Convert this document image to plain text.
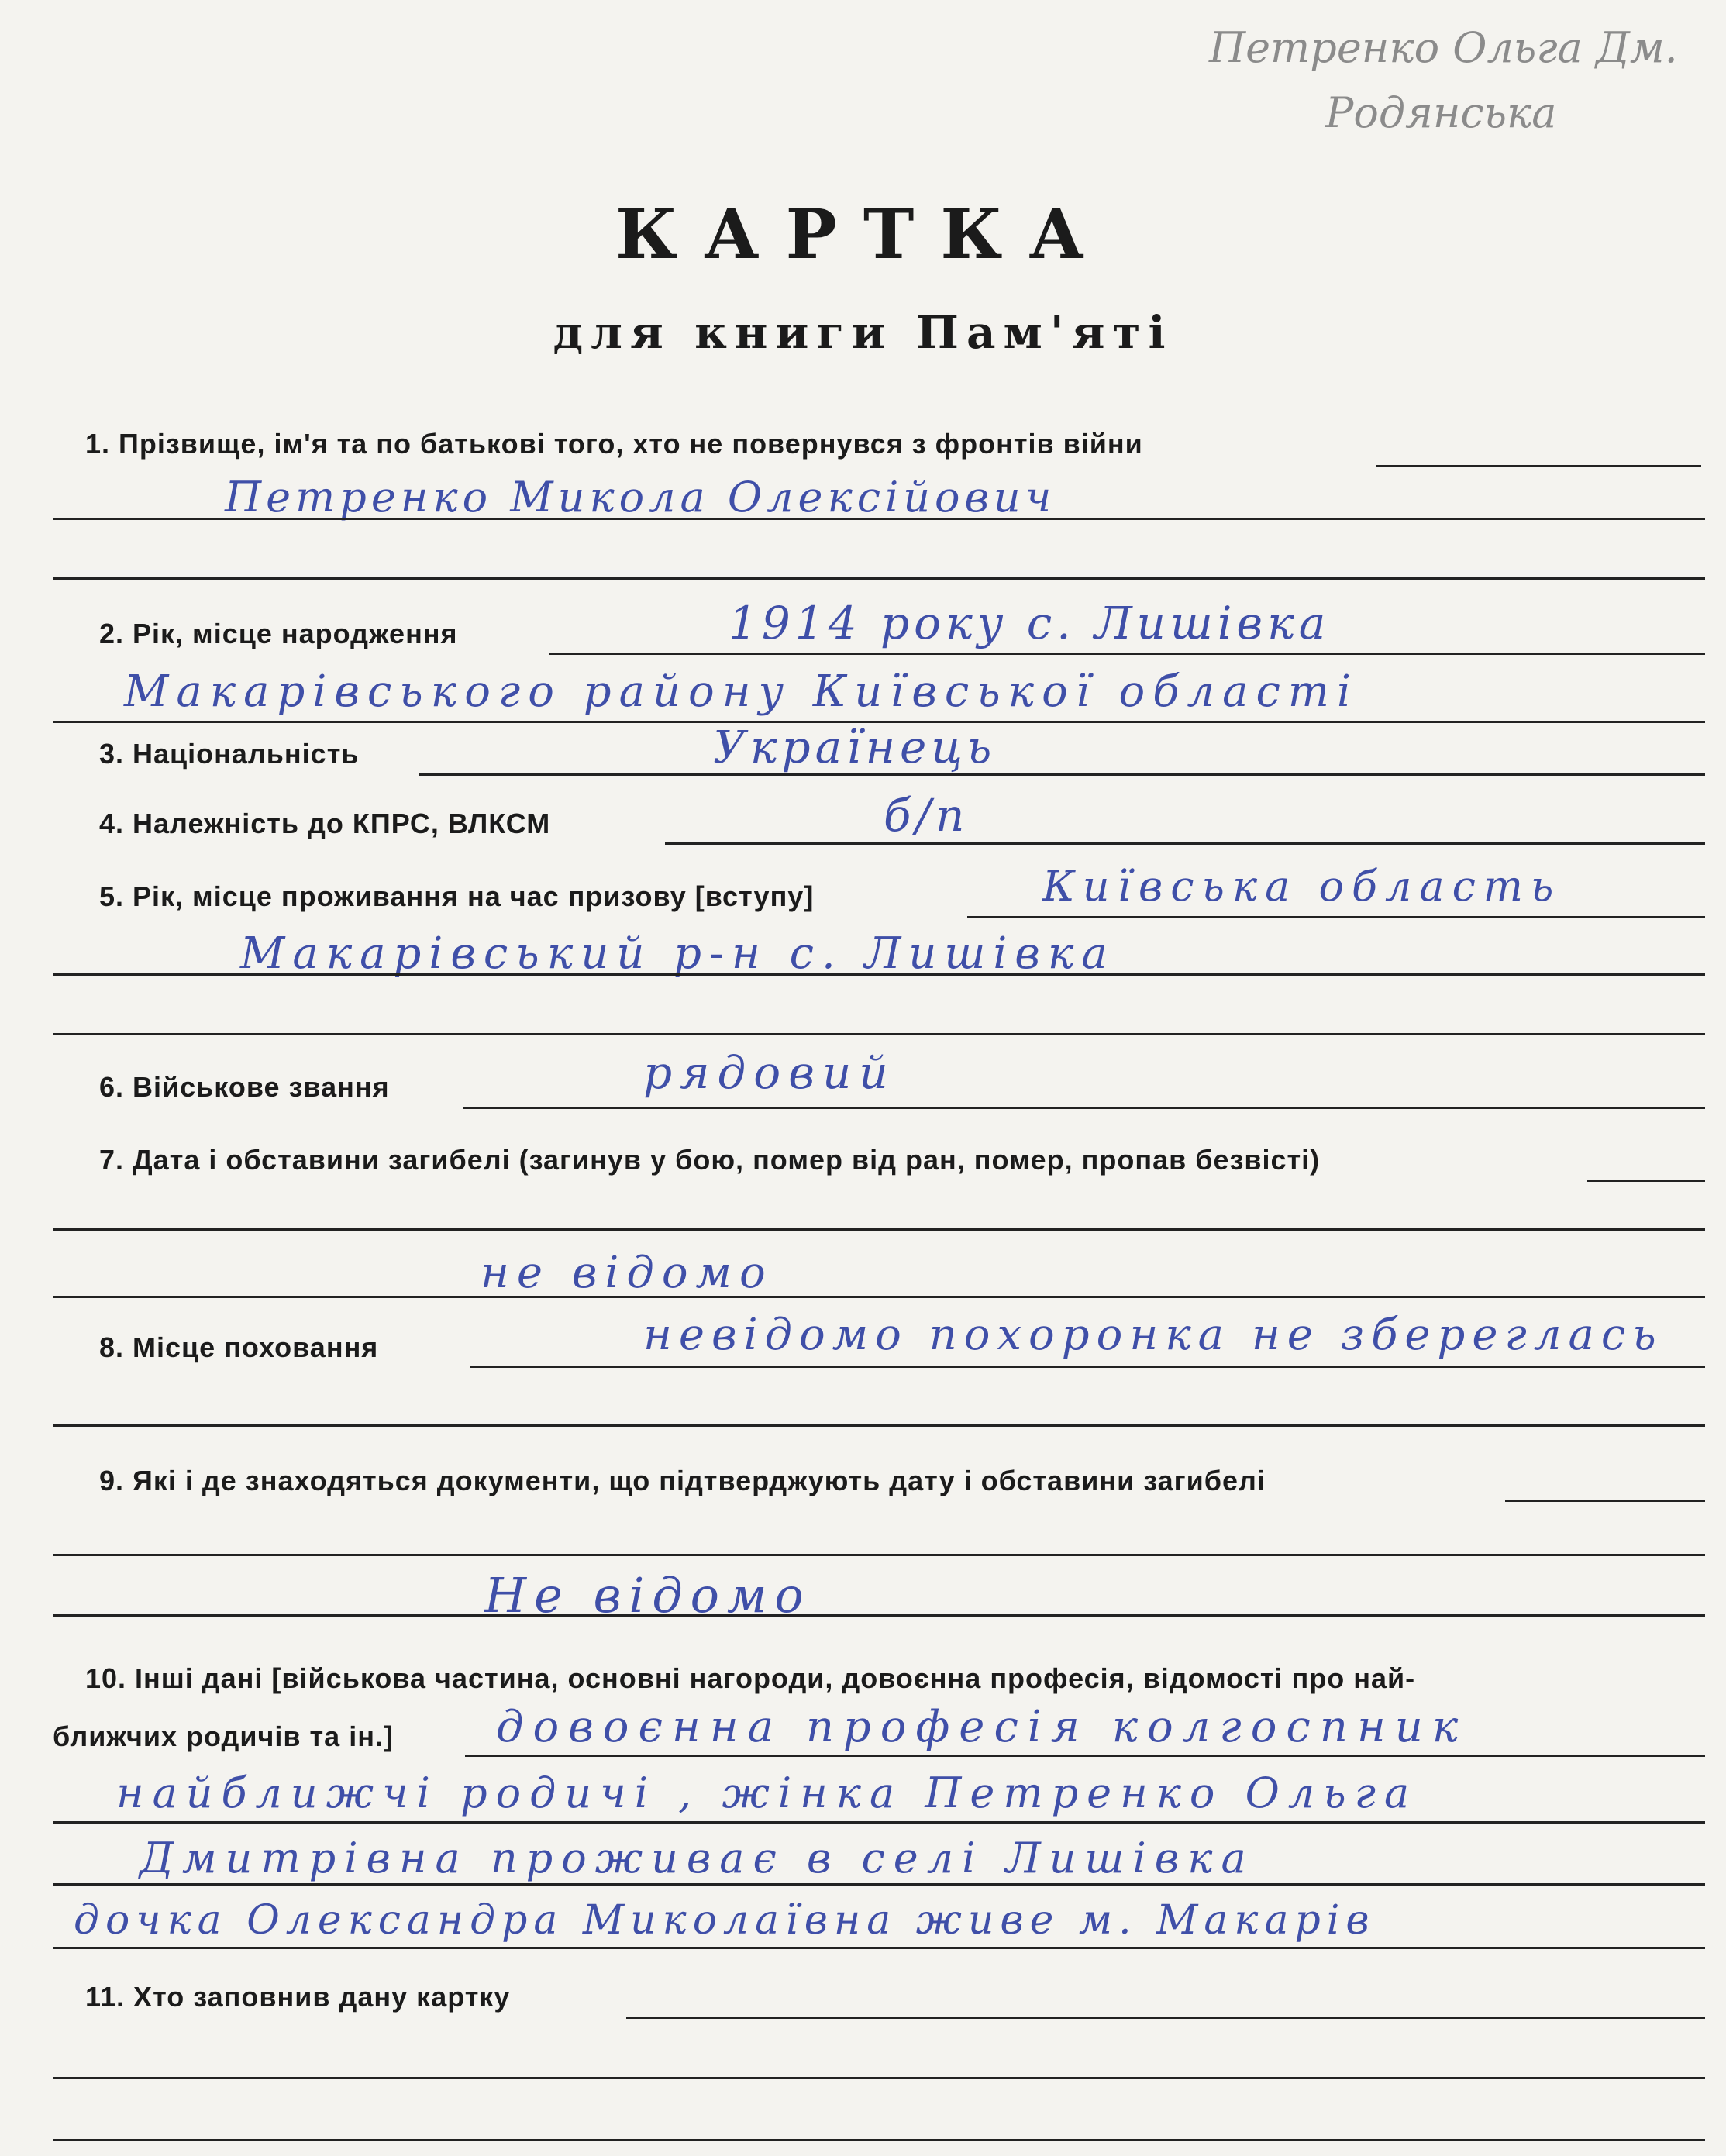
Петренко Ольга Дм.
Родянська
КАРТКА
для книги Пам'яті
1. Прізвище, ім'я та по батькові того, хто не повернувся з фронтів війни
Петренко Микола Олексійович
2. Рік, місце народження	1914 року с. Лишівка
Макарівського району Київської області
3. Національність	Українець
4. Належність до КПРС, ВЛКСМ	б/п
5. Рік, місце проживання на час призову [вступу]	Київська область
Макарівський р-н с. Лишівка
6. Військове звання	рядовий
7. Дата і обставини загибелі (загинув у бою, помер від ран, помер, пропав безвісті)
не відомо
8. Місце поховання	невідомо похоронка не збереглась
9. Які і де знаходяться документи, що підтверджують дату і обставини загибелі
Не відомо
10. Інші дані [військова частина, основні нагороди, довоєнна професія, відомості про най-
ближчих родичів та ін.] довоєнна професія колгоспник
найближчі родичі , жінка Петренко Ольга
Дмитрівна проживає в селі Лишівка
дочка Олександра Миколаївна живе м. Макарів
11. Хто заповнив дану картку
